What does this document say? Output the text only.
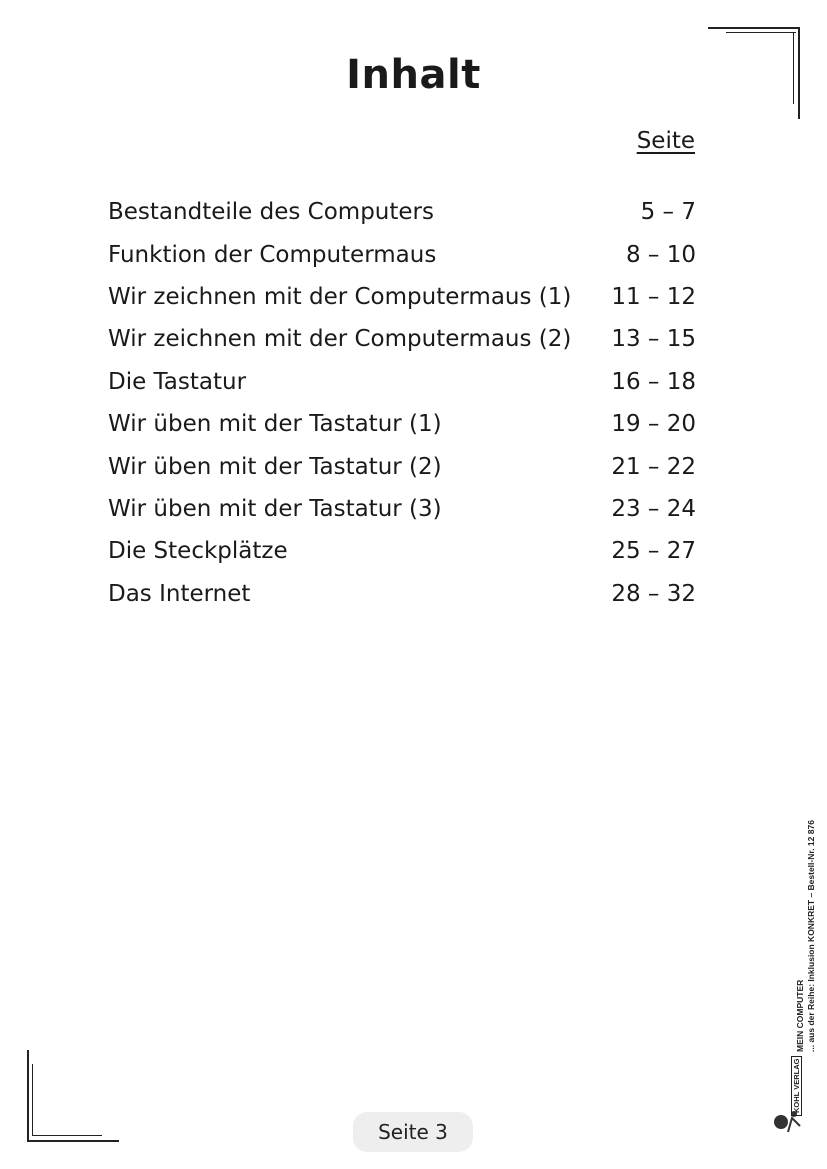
Inhalt
Seite
Bestandteile des Computers	5 – 7
Funktion der Computermaus	8 – 10
Wir zeichnen mit der Computermaus (1) 11 – 12
Wir zeichnen mit der Computermaus (2) 13 – 15
Die Tastatur	16 – 18
Wir üben mit der Tastatur (1)	19 – 20
Wir üben mit der Tastatur (2)	21 – 22
Wir üben mit der Tastatur (3)	23 – 24
Die Steckplätze	25 – 27
Das Internet	28 – 32
MEIN COMPUTER ... aus der Reihe: Inklusion KONKRET – Bestell-Nr. 12 876
KOHL VERLAG
Seite 3
